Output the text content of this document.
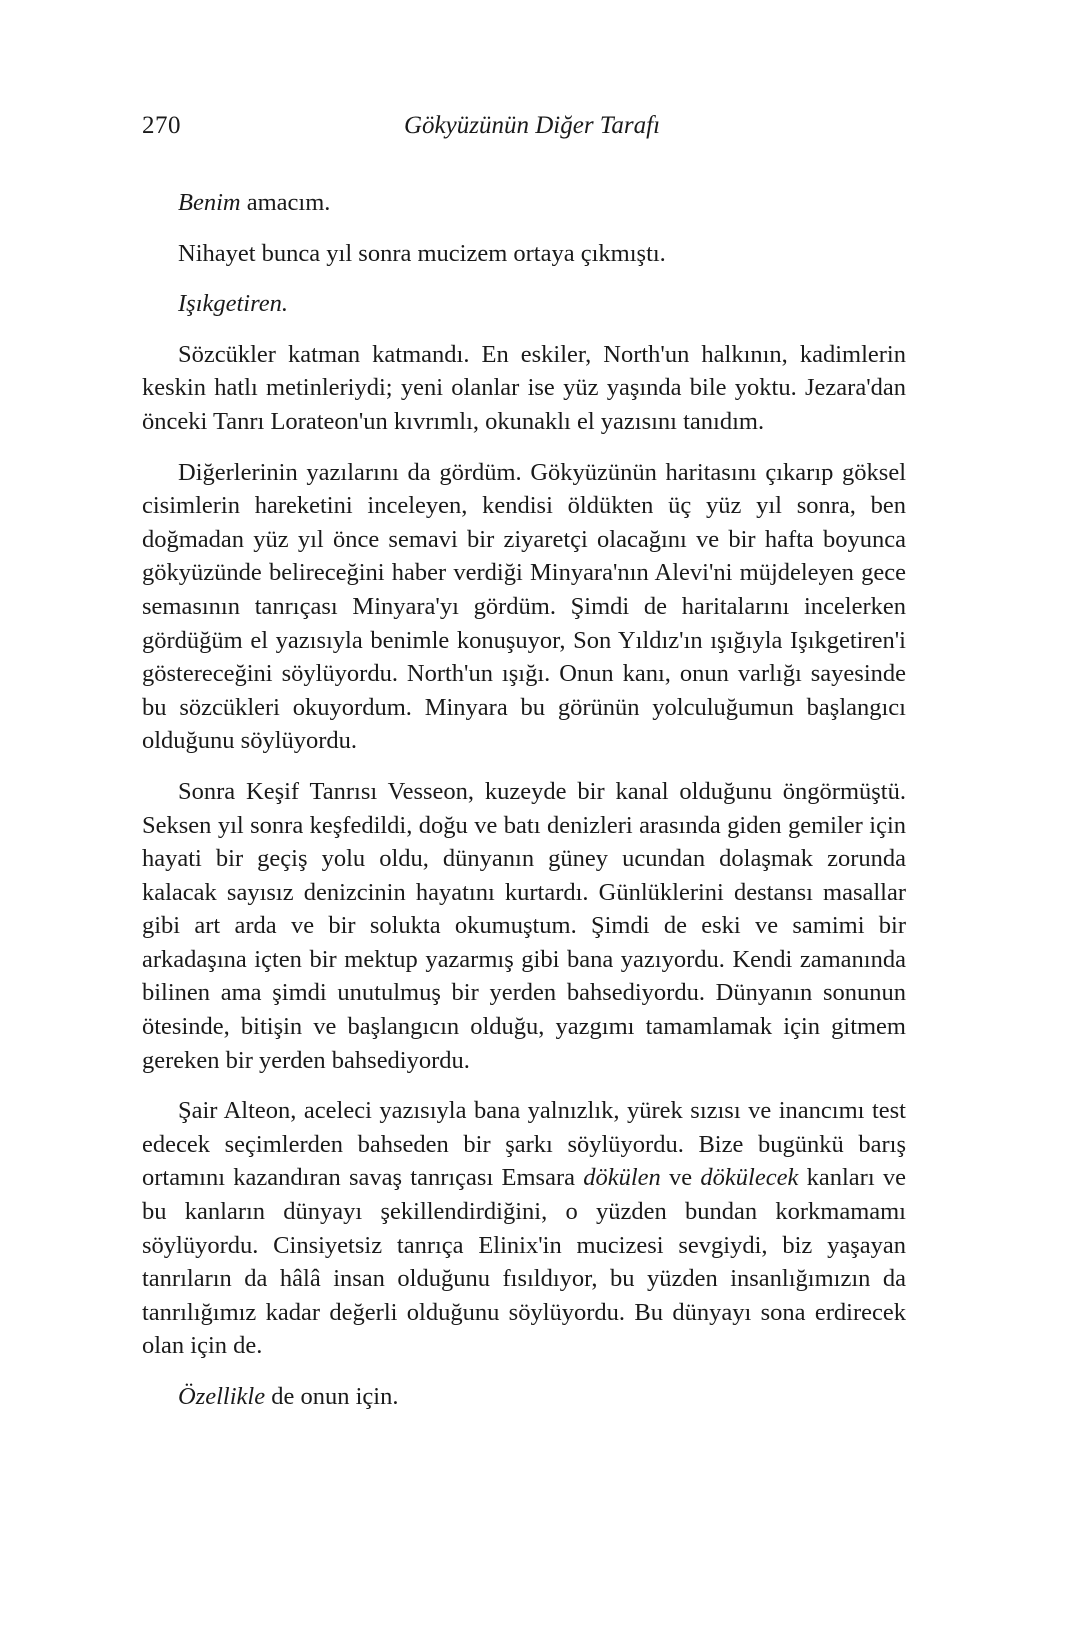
270	Gökyüzünün Diğer Tarafı

Benim amacım.

Nihayet bunca yıl sonra mucizem ortaya çıkmıştı.

Işıkgetiren.

Sözcükler katman katmandı. En eskiler, North'un halkının, kadimlerin keskin hatlı metinleriydi; yeni olanlar ise yüz yaşında bile yoktu. Jezara'dan önceki Tanrı Lorateon'un kıvrımlı, okunaklı el yazısını tanıdım.

Diğerlerinin yazılarını da gördüm. Gökyüzünün haritasını çıkarıp göksel cisimlerin hareketini inceleyen, kendisi öldükten üç yüz yıl sonra, ben doğmadan yüz yıl önce semavi bir ziyaretçi olacağını ve bir hafta boyunca gökyüzünde belireceğini haber verdiği Minyara'nın Alevi'ni müjdeleyen gece semasının tanrıçası Minyara'yı gördüm. Şimdi de haritalarını incelerken gördüğüm el yazısıyla benimle konuşuyor, Son Yıldız'ın ışığıyla Işıkgetiren'i göstereceğini söylüyordu. North'un ışığı. Onun kanı, onun varlığı sayesinde bu sözcükleri okuyordum. Minyara bu görünün yolculuğumun başlangıcı olduğunu söylüyordu.

Sonra Keşif Tanrısı Vesseon, kuzeyde bir kanal olduğunu öngörmüştü. Seksen yıl sonra keşfedildi, doğu ve batı denizleri arasında giden gemiler için hayati bir geçiş yolu oldu, dünyanın güney ucundan dolaşmak zorunda kalacak sayısız denizcinin hayatını kurtardı. Günlüklerini destansı masallar gibi art arda ve bir solukta okumuştum. Şimdi de eski ve samimi bir arkadaşına içten bir mektup yazarmış gibi bana yazıyordu. Kendi zamanında bilinen ama şimdi unutulmuş bir yerden bahsediyordu. Dünyanın sonunun ötesinde, bitişin ve başlangıcın olduğu, yazgımı tamamlamak için gitmem gereken bir yerden bahsediyordu.

Şair Alteon, aceleci yazısıyla bana yalnızlık, yürek sızısı ve inancımı test edecek seçimlerden bahseden bir şarkı söylüyordu. Bize bugünkü barış ortamını kazandıran savaş tanrıçası Emsara dökülen ve dökülecek kanları ve bu kanların dünyayı şekillendirdiğini, o yüzden bundan korkmamamı söylüyordu. Cinsiyetsiz tanrıça Elinix'in mucizesi sevgiydi, biz yaşayan tanrıların da hâlâ insan olduğunu fısıldıyor, bu yüzden insanlığımızın da tanrılığımız kadar değerli olduğunu söylüyordu. Bu dünyayı sona erdirecek olan için de.

Özellikle de onun için.
